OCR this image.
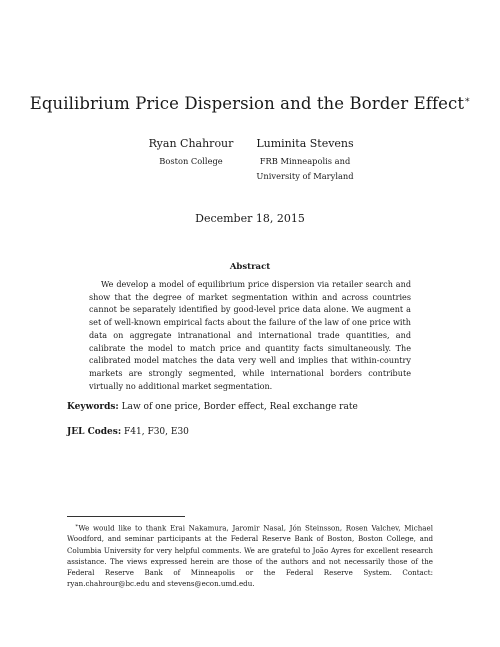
Equilibrium Price Dispersion and the Border Effect∗
Ryan Chahrour
Boston College
Luminita Stevens
FRB Minneapolis and
University of Maryland
December 18, 2015
Abstract

We develop a model of equilibrium price dispersion via retailer search and show that the degree of market segmentation within and across countries cannot be separately identified by good-level price data alone. We augment a set of well-known empirical facts about the failure of the law of one price with data on aggregate intranational and international trade quantities, and calibrate the model to match price and quantity facts simultaneously. The calibrated model matches the data very well and implies that within-country markets are strongly segmented, while international borders contribute virtually no additional market segmentation.

Keywords: Law of one price, Border effect, Real exchange rate
JEL Codes: F41, F30, E30

∗We would like to thank Erai Nakamura, Jaromir Nasal, Jón Steinsson, Rosen Valchev, Michael Woodford, and seminar participants at the Federal Reserve Bank of Boston, Boston College, and Columbia University for very helpful comments. We are grateful to João Ayres for excellent research assistance. The views expressed herein are those of the authors and not necessarily those of the Federal Reserve Bank of Minneapolis or the Federal Reserve System. Contact: ryan.chahrour@bc.edu and stevens@econ.umd.edu.
